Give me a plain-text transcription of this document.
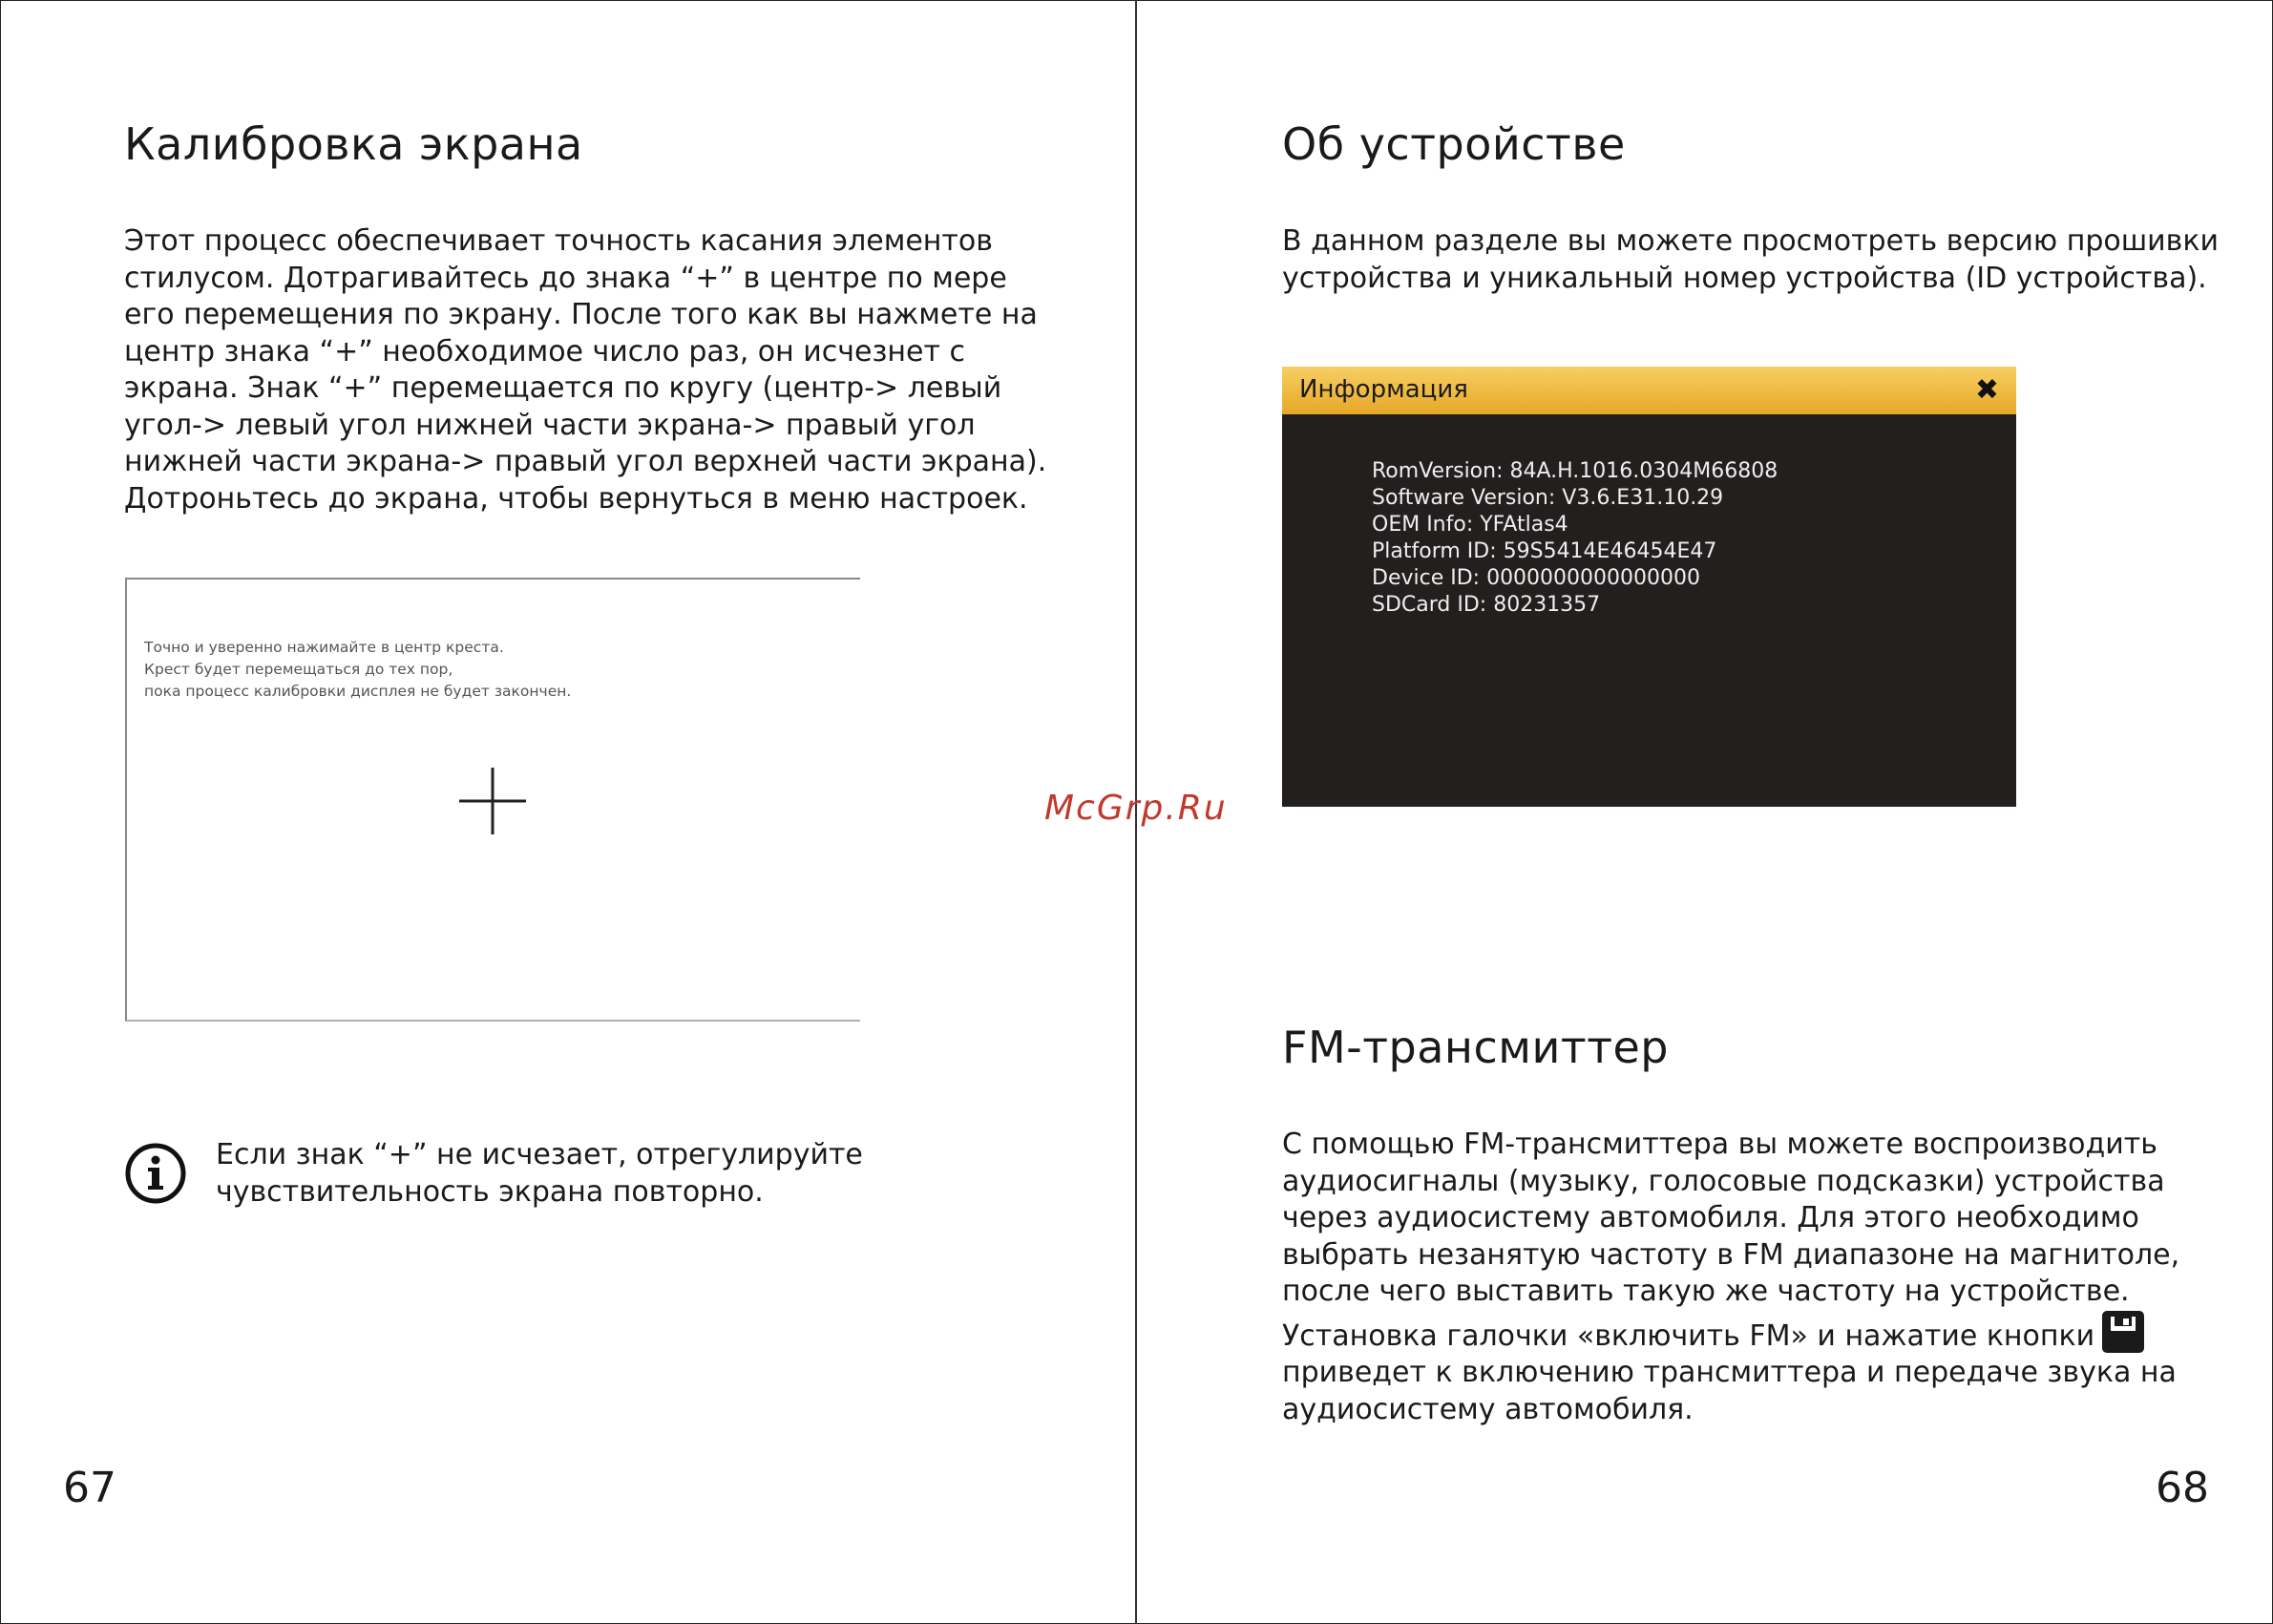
Калибровка экрана

Этот процесс обеспечивает точность касания элементов

стилусом. Дотрагивайтесь до знака “+” в центре по мере

его перемещения по экрану. После того как вы нажмете на

центр знака “+” необходимое число раз, он исчезнет с

экрана. Знак “+” перемещается по кругу (центр-> левый

угол-> левый угол нижней части экрана-> правый угол

нижней части экрана-> правый угол верхней части экрана).

Дотроньтесь до экрана, чтобы вернуться в меню настроек.

Точно и уверенно нажимайте в центр креста.
Крест будет перемещаться до тех пор,
пока процесс калибровки дисплея не будет закончен.

Если знак “+” не исчезает, отрегулируйте

чувствительность экрана повторно.

67
Об устройстве

В данном разделе вы можете просмотреть версию прошивки

устройства и уникальный номер устройства (ID устройства).

Информация	✖
RomVersion: 84A.H.1016.0304M66808
Software Version: V3.6.E31.10.29
OEM Info: YFAtlas4
Platform ID: 59S5414E46454E47
Device ID: 0000000000000000
SDCard ID: 80231357
FM-трансмиттер

С помощью FM-трансмиттера вы можете воспроизводить

аудиосигналы (музыку, голосовые подсказки) устройства

через аудиосистему автомобиля. Для этого необходимо

выбрать незанятую частоту в FM диапазоне на магнитоле,

после чего выставить такую же частоту на устройстве.

Установка галочки «включить FM» и нажатие кнопки

приведет к включению трансмиттера и передаче звука на

аудиосистему автомобиля.

68
McGrp.Ru
